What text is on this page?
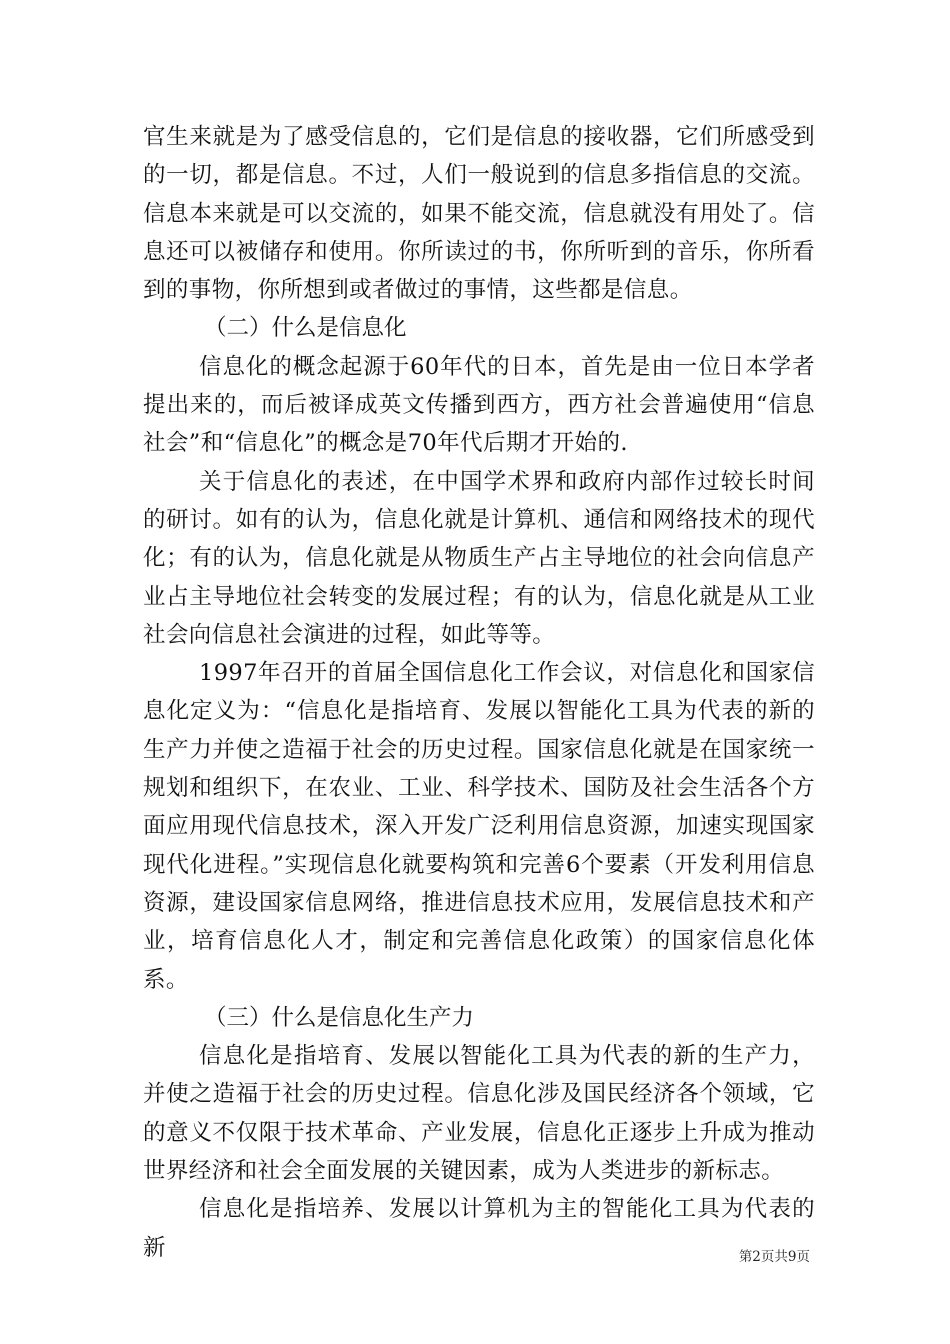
官生来就是为了感受信息的，它们是信息的接收器，它们所感受到的一切，都是信息。不过，人们一般说到的信息多指信息的交流。信息本来就是可以交流的，如果不能交流，信息就没有用处了。信息还可以被储存和使用。你所读过的书，你所听到的音乐，你所看到的事物，你所想到或者做过的事情，这些都是信息。

（二）什么是信息化

信息化的概念起源于60年代的日本，首先是由一位日本学者提出来的，而后被译成英文传播到西方，西方社会普遍使用“信息社会”和“信息化”的概念是70年代后期才开始的.

关于信息化的表述，在中国学术界和政府内部作过较长时间的研讨。如有的认为，信息化就是计算机、通信和网络技术的现代化；有的认为，信息化就是从物质生产占主导地位的社会向信息产业占主导地位社会转变的发展过程；有的认为，信息化就是从工业社会向信息社会演进的过程，如此等等。

1997年召开的首届全国信息化工作会议，对信息化和国家信息化定义为：“信息化是指培育、发展以智能化工具为代表的新的生产力并使之造福于社会的历史过程。国家信息化就是在国家统一规划和组织下，在农业、工业、科学技术、国防及社会生活各个方面应用现代信息技术，深入开发广泛利用信息资源，加速实现国家现代化进程。”实现信息化就要构筑和完善6个要素（开发利用信息资源，建设国家信息网络，推进信息技术应用，发展信息技术和产业，培育信息化人才，制定和完善信息化政策）的国家信息化体系。

（三）什么是信息化生产力

信息化是指培育、发展以智能化工具为代表的新的生产力，并使之造福于社会的历史过程。信息化涉及国民经济各个领域，它的意义不仅限于技术革命、产业发展，信息化正逐步上升成为推动世界经济和社会全面发展的关键因素，成为人类进步的新标志。

信息化是指培养、发展以计算机为主的智能化工具为代表的新	第2页共9页
